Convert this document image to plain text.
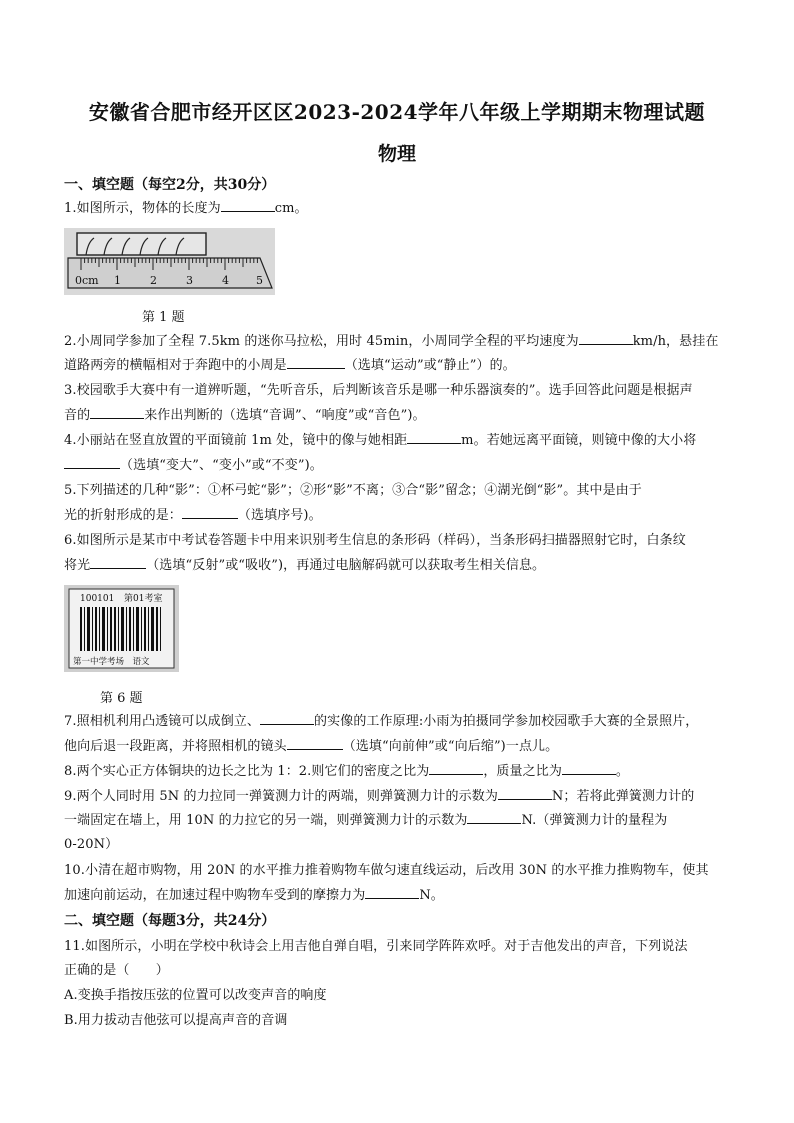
安徽省合肥市经开区区2023-2024学年八年级上学期期末物理试题
物理
一、填空题（每空2分，共30分）
1.如图所示，物体的长度为	cm。
0cm 1	2	3	4 5
第 1 题
2.小周同学参加了全程 7.5km 的迷你马拉松，用时 45min，小周同学全程的平均速度为	km/h，悬挂在
道路两旁的横幅相对于奔跑中的小周是	（选填“运动”或“静止”）的。
3.校园歌手大赛中有一道辨听题，“先听音乐，后判断该音乐是哪一种乐器演奏的”。选手回答此问题是根据声
音的	来作出判断的（选填“音调”、“响度”或“音色”)。
4.小丽站在竖直放置的平面镜前 1m 处，镜中的像与她相距	m。若她远离平面镜，则镜中像的大小将
（选填“变大”、“变小”或“不变”)。
5.下列描述的几种“影”：①杯弓蛇“影”；②形“影”不离；③合“影”留念；④湖光倒“影”。其中是由于
光的折射形成的是：	（选填序号)。
6.如图所示是某市中考试卷答题卡中用来识别考生信息的条形码（样码），当条形码扫描器照射它时，白条纹
将光	（选填“反射”或“吸收”)，再通过电脑解码就可以获取考生相关信息。
100101 第01考室
第一中学考场　语文
第 6 题
7.照相机利用凸透镜可以成倒立、	的实像的工作原理:小雨为拍摄同学参加校园歌手大赛的全景照片，
他向后退一段距离，并将照相机的镜头	（选填“向前伸”或“向后缩”)一点儿。
8.两个实心正方体铜块的边长之比为 1：2.则它们的密度之比为	，质量之比为	。
9.两个人同时用 5N 的力拉同一弹簧测力计的两端，则弹簧测力计的示数为	N；若将此弹簧测力计的
一端固定在墙上，用 10N 的力拉它的另一端，则弹簧测力计的示数为	N.（弹簧测力计的量程为
0-20N）
10.小清在超市购物，用 20N 的水平推力推着购物车做匀速直线运动，后改用 30N 的水平推力推购物车，使其
加速向前运动，在加速过程中购物车受到的摩擦力为	N。
二、填空题（每题3分，共24分）
11.如图所示，小明在学校中秋诗会上用吉他自弹自唱，引来同学阵阵欢呼。对于吉他发出的声音，下列说法
正确的是（　　）
A.变换手指按压弦的位置可以改变声音的响度
B.用力拔动吉他弦可以提高声音的音调
